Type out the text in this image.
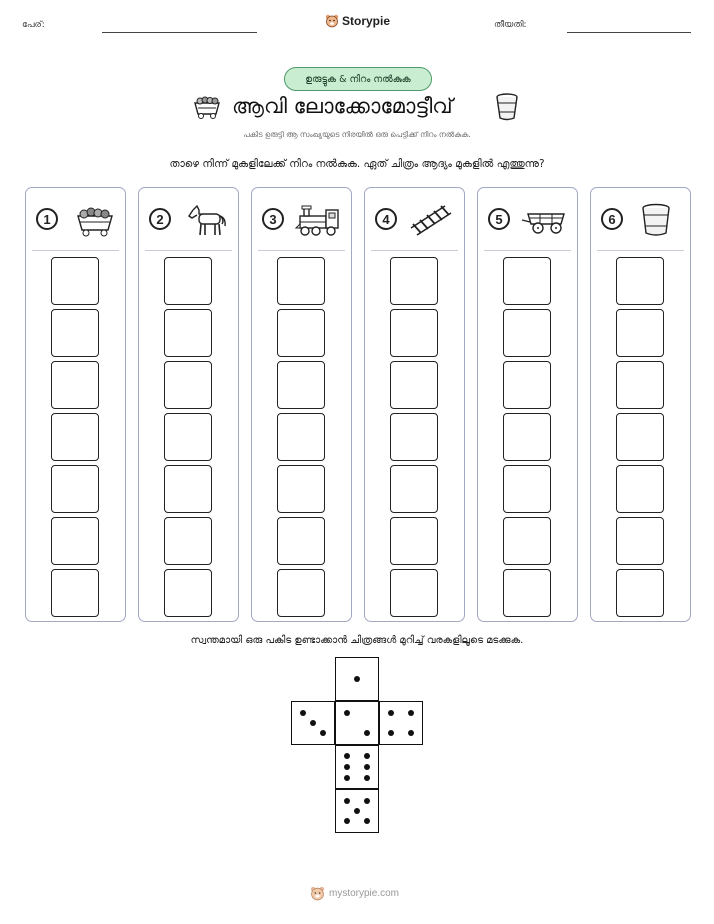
പേര്:	Storypie	തീയതി:
ഉരുട്ടുക & നിറം നൽകുക
ആവി ലോക്കോമോട്ടീവ്
പകിട ഉരുട്ടി ആ സംഖ്യയുടെ നിരയിൽ ഒരു പെട്ടിക്ക് നിറം നൽകുക.
താഴെ നിന്ന് മുകളിലേക്ക് നിറം നൽകുക. ഏത് ചിത്രം ആദ്യം മുകളിൽ എത്തുന്നു?
1	2	3	4	5	6
സ്വന്തമായി ഒരു പകിട ഉണ്ടാക്കാൻ ചിത്രങ്ങൾ മുറിച്ച് വരകളിലൂടെ മടക്കുക.
mystorypie.com
